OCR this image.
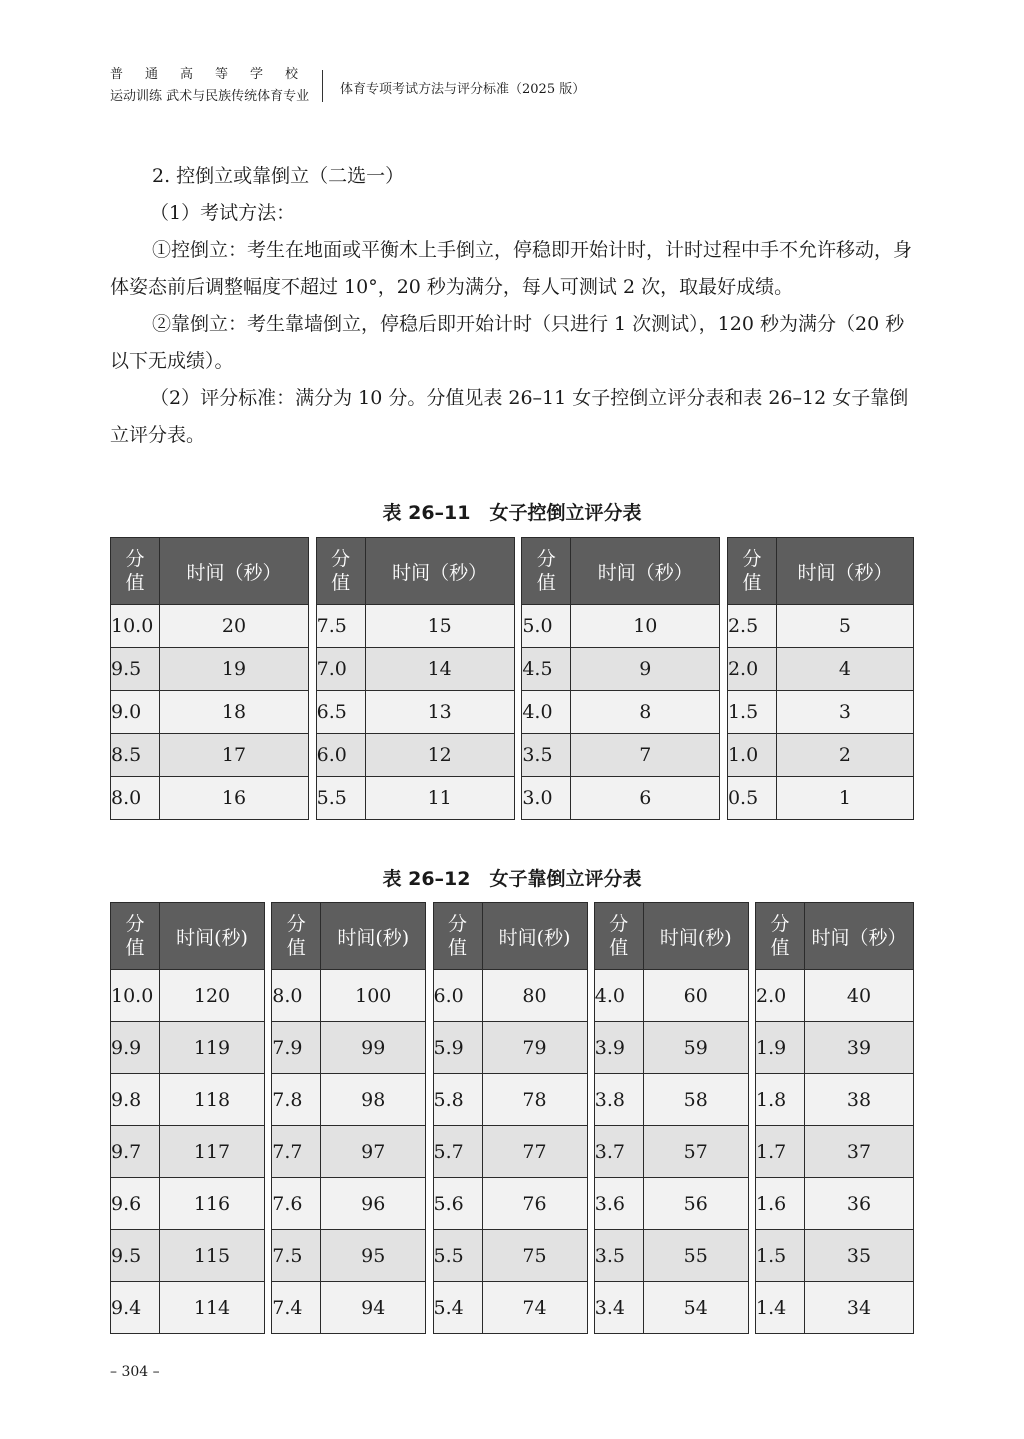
普通高等学校
运动训练 武术与民族传统体育专业	体育专项考试方法与评分标准（2025 版）

2. 控倒立或靠倒立（二选一）

（1）考试方法：

①控倒立：考生在地面或平衡木上手倒立，停稳即开始计时，计时过程中手不允许移动，身体姿态前后调整幅度不超过 10°，20 秒为满分，每人可测试 2 次，取最好成绩。

②靠倒立：考生靠墙倒立，停稳后即开始计时（只进行 1 次测试），120 秒为满分（20 秒以下无成绩）。

（2）评分标准：满分为 10 分。分值见表 26–11 女子控倒立评分表和表 26–12 女子靠倒立评分表。

表 26–11　女子控倒立评分表
分
值	时间（秒）
10.0	20
9.5	19
9.0	18
8.5	17
8.0	16
分
值	时间（秒）
7.5	15
7.0	14
6.5	13
6.0	12
5.5	11
分
值	时间（秒）
5.0	10
4.5	9
4.0	8
3.5	7
3.0	6
分
值	时间（秒）
2.5	5
2.0	4
1.5	3
1.0	2
0.5	1
表 26–12　女子靠倒立评分表
分
值	时间(秒)
10.0	120
9.9	119
9.8	118
9.7	117
9.6	116
9.5	115
9.4	114
分
值	时间(秒)
8.0	100
7.9	99
7.8	98
7.7	97
7.6	96
7.5	95
7.4	94
分
值	时间(秒)
6.0	80
5.9	79
5.8	78
5.7	77
5.6	76
5.5	75
5.4	74
分
值	时间(秒)
4.0	60
3.9	59
3.8	58
3.7	57
3.6	56
3.5	55
3.4	54
分
值	时间（秒）
2.0	40
1.9	39
1.8	38
1.7	37
1.6	36
1.5	35
1.4	34
– 304 –
